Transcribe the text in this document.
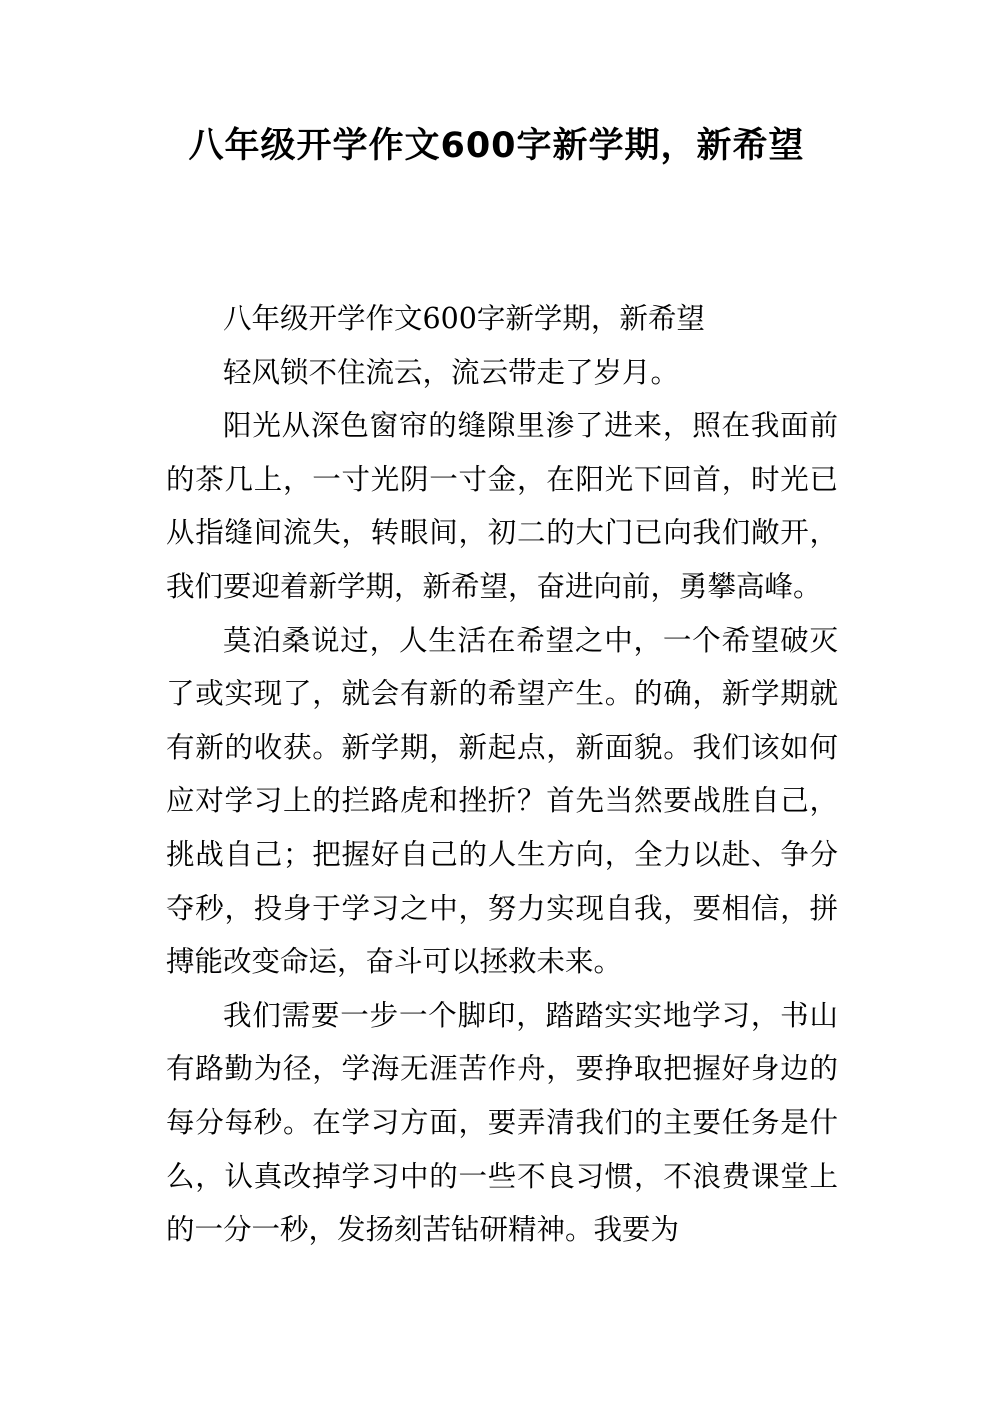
八年级开学作文600字新学期，新希望

八年级开学作文600字新学期，新希望

轻风锁不住流云，流云带走了岁月。

阳光从深色窗帘的缝隙里渗了进来，照在我面前的茶几上，一寸光阴一寸金，在阳光下回首，时光已从指缝间流失，转眼间，初二的大门已向我们敞开，我们要迎着新学期，新希望，奋进向前，勇攀高峰。

莫泊桑说过，人生活在希望之中，一个希望破灭了或实现了，就会有新的希望产生。的确，新学期就有新的收获。新学期，新起点，新面貌。我们该如何应对学习上的拦路虎和挫折？首先当然要战胜自己，挑战自己；把握好自己的人生方向，全力以赴、争分夺秒，投身于学习之中，努力实现自我，要相信，拼搏能改变命运，奋斗可以拯救未来。

我们需要一步一个脚印，踏踏实实地学习，书山有路勤为径，学海无涯苦作舟，要挣取把握好身边的每分每秒。在学习方面，要弄清我们的主要任务是什么，认真改掉学习中的一些不良习惯，不浪费课堂上的一分一秒，发扬刻苦钻研精神。我要为
